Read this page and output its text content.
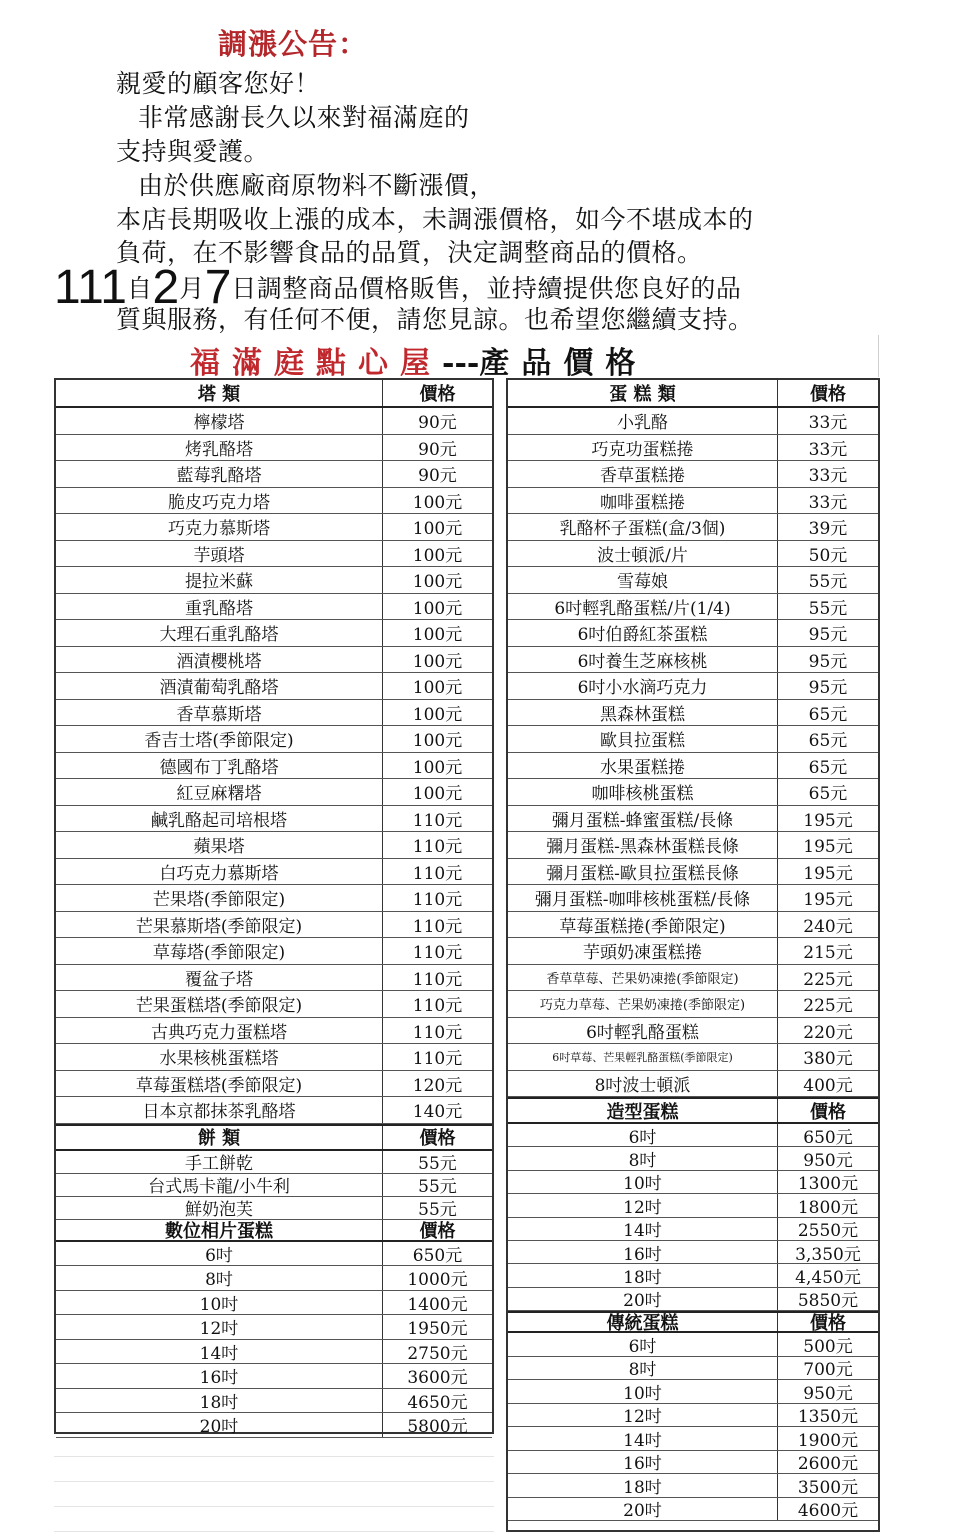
調漲公告：
親愛的顧客您好！
非常感謝長久以來對福滿庭的
支持與愛護。
由於供應廠商原物料不斷漲價，
本店長期吸收上漲的成本，未調漲價格，如今不堪成本的
負荷，在不影響食品的品質，決定調整商品的價格。
111自2月7日調整商品價格販售，並持續提供您良好的品
質與服務，有任何不便，請您見諒。也希望您繼續支持。
福滿庭點心屋---產品價格
塔 類	價格
檸檬塔	90元
烤乳酪塔	90元
藍莓乳酪塔	90元
脆皮巧克力塔	100元
巧克力慕斯塔	100元
芋頭塔	100元
提拉米蘇	100元
重乳酪塔	100元
大理石重乳酪塔	100元
酒漬櫻桃塔	100元
酒漬葡萄乳酪塔	100元
香草慕斯塔	100元
香吉士塔(季節限定)	100元
德國布丁乳酪塔	100元
紅豆麻糬塔	100元
鹹乳酪起司培根塔	110元
蘋果塔	110元
白巧克力慕斯塔	110元
芒果塔(季節限定)	110元
芒果慕斯塔(季節限定)	110元
草莓塔(季節限定)	110元
覆盆子塔	110元
芒果蛋糕塔(季節限定)	110元
古典巧克力蛋糕塔	110元
水果核桃蛋糕塔	110元
草莓蛋糕塔(季節限定)	120元
日本京都抹茶乳酪塔	140元
餅 類	價格
手工餅乾	55元
台式馬卡龍/小牛利	55元
鮮奶泡芙	55元
數位相片蛋糕	價格
6吋	650元
8吋	1000元
10吋	1400元
12吋	1950元
14吋	2750元
16吋	3600元
18吋	4650元
20吋	5800元
蛋 糕 類	價格
小乳酪	33元
巧克功蛋糕捲	33元
香草蛋糕捲	33元
咖啡蛋糕捲	33元
乳酪杯子蛋糕(盒/3個)	39元
波士頓派/片	50元
雪莓娘	55元
6吋輕乳酪蛋糕/片(1/4)	55元
6吋伯爵紅茶蛋糕	95元
6吋養生芝麻核桃	95元
6吋小水滴巧克力	95元
黑森林蛋糕	65元
歐貝拉蛋糕	65元
水果蛋糕捲	65元
咖啡核桃蛋糕	65元
彌月蛋糕-蜂蜜蛋糕/長條	195元
彌月蛋糕-黑森林蛋糕長條	195元
彌月蛋糕-歐貝拉蛋糕長條	195元
彌月蛋糕-咖啡核桃蛋糕/長條	195元
草莓蛋糕捲(季節限定)	240元
芋頭奶凍蛋糕捲	215元
香草草莓、芒果奶凍捲(季節限定)	225元
巧克力草莓、芒果奶凍捲(季節限定)	225元
6吋輕乳酪蛋糕	220元
6吋草莓、芒果輕乳酪蛋糕(季節限定)	380元
8吋波士頓派	400元
造型蛋糕	價格
6吋	650元
8吋	950元
10吋	1300元
12吋	1800元
14吋	2550元
16吋	3,350元
18吋	4,450元
20吋	5850元
傳統蛋糕	價格
6吋	500元
8吋	700元
10吋	950元
12吋	1350元
14吋	1900元
16吋	2600元
18吋	3500元
20吋	4600元
